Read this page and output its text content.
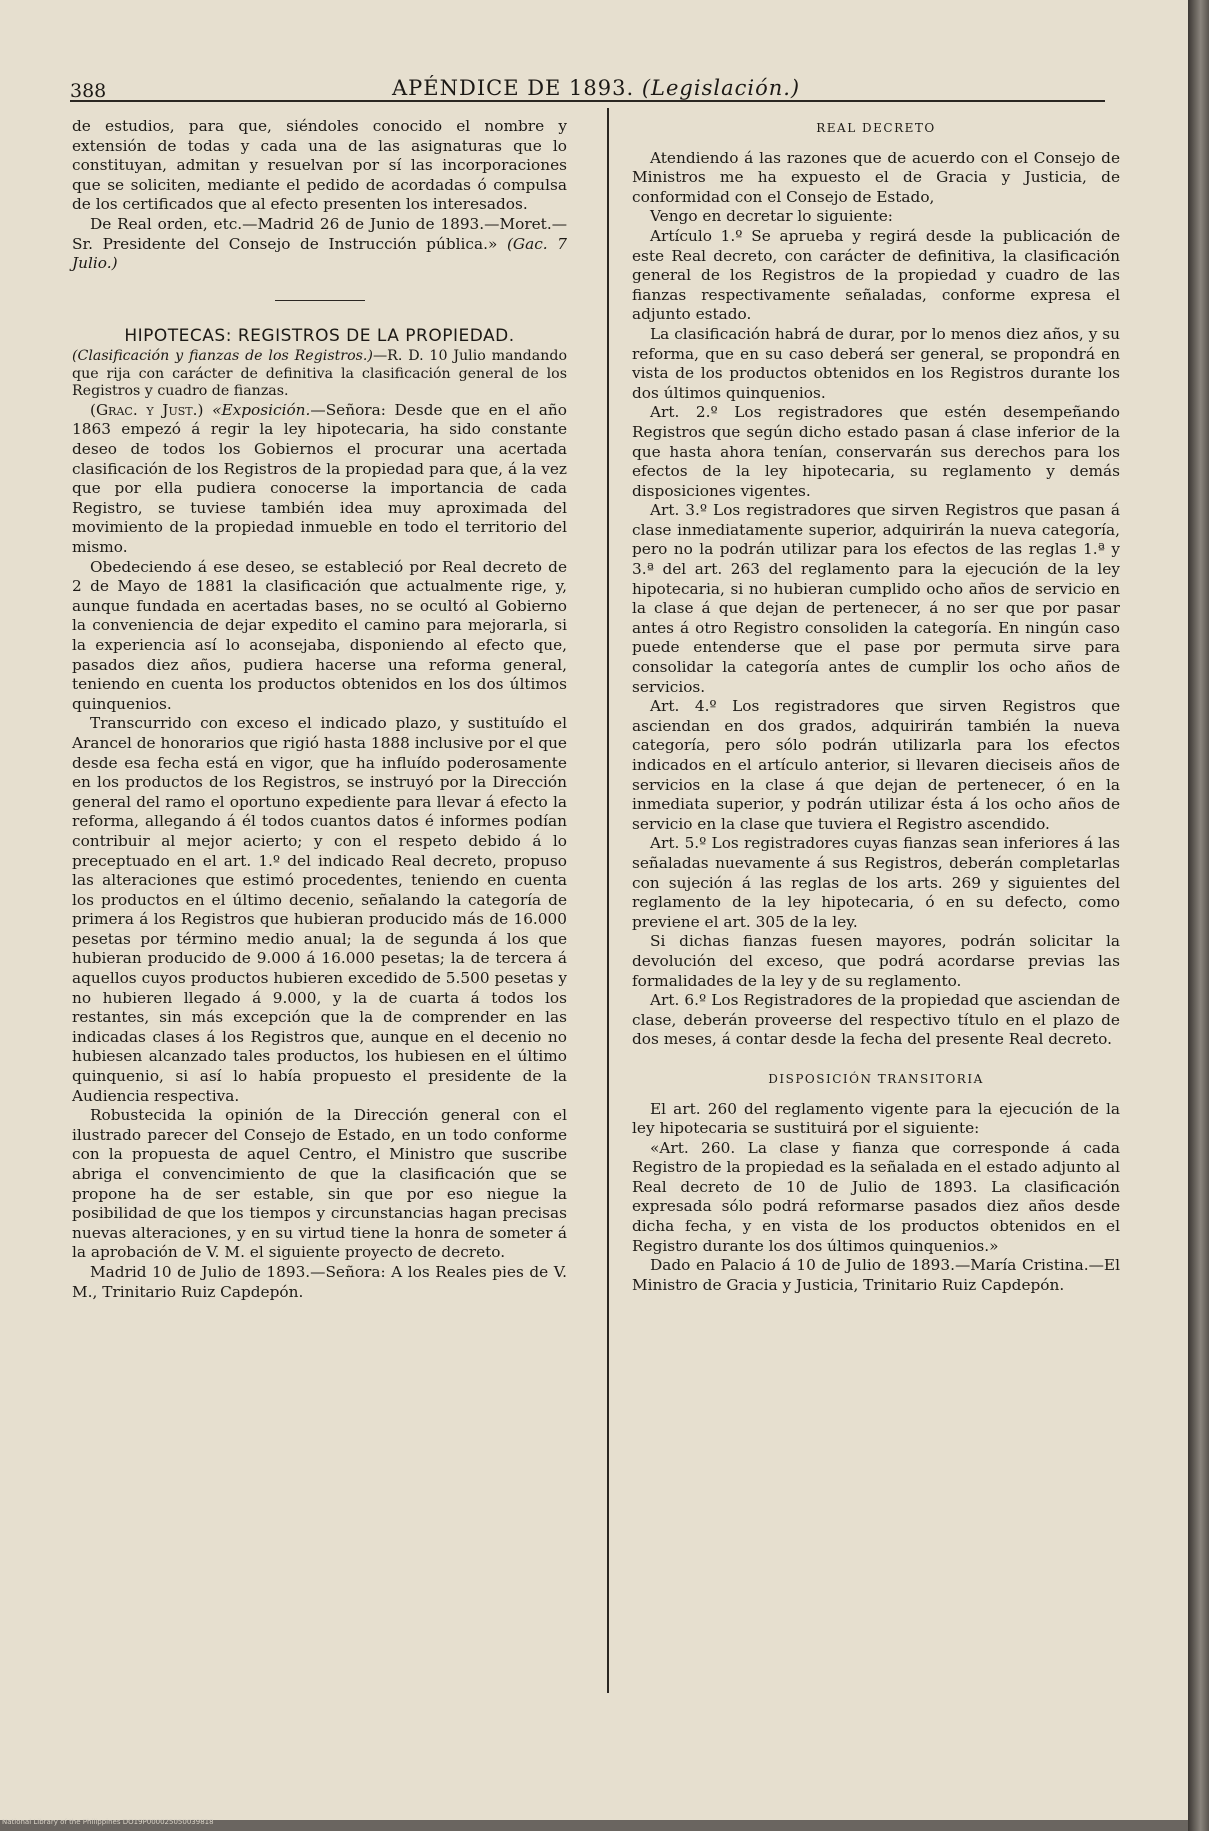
388	APÉNDICE DE 1893. (Legislación.)

de estudios, para que, siéndoles conocido el nombre y extensión de todas y cada una de las asignaturas que lo constituyan, admitan y resuelvan por sí las incorporaciones que se soliciten, mediante el pedido de acordadas ó compulsa de los certificados que al efecto presenten los interesados.

De Real orden, etc.—Madrid 26 de Junio de 1893.—Moret.—Sr. Presidente del Consejo de Instrucción pública.» (Gac. 7 Julio.)

HIPOTECAS: REGISTROS DE LA PROPIEDAD.

(Clasificación y fianzas de los Registros.)—R. D. 10 Julio mandando que rija con carácter de definitiva la clasificación general de los Registros y cuadro de fianzas.

(Grac. y Just.) «Exposición.—Señora: Desde que en el año 1863 empezó á regir la ley hipotecaria, ha sido constante deseo de todos los Gobiernos el procurar una acertada clasificación de los Registros de la propiedad para que, á la vez que por ella pudiera conocerse la importancia de cada Registro, se tuviese también idea muy aproximada del movimiento de la propiedad inmueble en todo el territorio del mismo.

Obedeciendo á ese deseo, se estableció por Real decreto de 2 de Mayo de 1881 la clasificación que actualmente rige, y, aunque fundada en acertadas bases, no se ocultó al Gobierno la conveniencia de dejar expedito el camino para mejorarla, si la experiencia así lo aconsejaba, disponiendo al efecto que, pasados diez años, pudiera hacerse una reforma general, teniendo en cuenta los productos obtenidos en los dos últimos quinquenios.

Transcurrido con exceso el indicado plazo, y sustituído el Arancel de honorarios que rigió hasta 1888 inclusive por el que desde esa fecha está en vigor, que ha influído poderosamente en los productos de los Registros, se instruyó por la Dirección general del ramo el oportuno expediente para llevar á efecto la reforma, allegando á él todos cuantos datos é informes podían contribuir al mejor acierto; y con el respeto debido á lo preceptuado en el art. 1.º del indicado Real decreto, propuso las alteraciones que estimó procedentes, teniendo en cuenta los productos en el último decenio, señalando la categoría de primera á los Registros que hubieran producido más de 16.000 pesetas por término medio anual; la de segunda á los que hubieran producido de 9.000 á 16.000 pesetas; la de tercera á aquellos cuyos productos hubieren excedido de 5.500 pesetas y no hubieren llegado á 9.000, y la de cuarta á todos los restantes, sin más excepción que la de comprender en las indicadas clases á los Registros que, aunque en el decenio no hubiesen alcanzado tales productos, los hubiesen en el último quinquenio, si así lo había propuesto el presidente de la Audiencia respectiva.

Robustecida la opinión de la Dirección general con el ilustrado parecer del Consejo de Estado, en un todo conforme con la propuesta de aquel Centro, el Ministro que suscribe abriga el convencimiento de que la clasificación que se propone ha de ser estable, sin que por eso niegue la posibilidad de que los tiempos y circunstancias hagan precisas nuevas alteraciones, y en su virtud tiene la honra de someter á la aprobación de V. M. el siguiente proyecto de decreto.

Madrid 10 de Julio de 1893.—Señora: A los Reales pies de V. M., Trinitario Ruiz Capdepón.

REAL DECRETO

Atendiendo á las razones que de acuerdo con el Consejo de Ministros me ha expuesto el de Gracia y Justicia, de conformidad con el Consejo de Estado,

Vengo en decretar lo siguiente:

Artículo 1.º Se aprueba y regirá desde la publicación de este Real decreto, con carácter de definitiva, la clasificación general de los Registros de la propiedad y cuadro de las fianzas respectivamente señaladas, conforme expresa el adjunto estado.

La clasificación habrá de durar, por lo menos diez años, y su reforma, que en su caso deberá ser general, se propondrá en vista de los productos obtenidos en los Registros durante los dos últimos quinquenios.

Art. 2.º Los registradores que estén desempeñando Registros que según dicho estado pasan á clase inferior de la que hasta ahora tenían, conservarán sus derechos para los efectos de la ley hipotecaria, su reglamento y demás disposiciones vigentes.

Art. 3.º Los registradores que sirven Registros que pasan á clase inmediatamente superior, adquirirán la nueva categoría, pero no la podrán utilizar para los efectos de las reglas 1.ª y 3.ª del art. 263 del reglamento para la ejecución de la ley hipotecaria, si no hubieran cumplido ocho años de servicio en la clase á que dejan de pertenecer, á no ser que por pasar antes á otro Registro consoliden la categoría. En ningún caso puede entenderse que el pase por permuta sirve para consolidar la categoría antes de cumplir los ocho años de servicios.

Art. 4.º Los registradores que sirven Registros que asciendan en dos grados, adquirirán también la nueva categoría, pero sólo podrán utilizarla para los efectos indicados en el artículo anterior, si llevaren dieciseis años de servicios en la clase á que dejan de pertenecer, ó en la inmediata superior, y podrán utilizar ésta á los ocho años de servicio en la clase que tuviera el Registro ascendido.

Art. 5.º Los registradores cuyas fianzas sean inferiores á las señaladas nuevamente á sus Registros, deberán completarlas con sujeción á las reglas de los arts. 269 y siguientes del reglamento de la ley hipotecaria, ó en su defecto, como previene el art. 305 de la ley.

Si dichas fianzas fuesen mayores, podrán solicitar la devolución del exceso, que podrá acordarse previas las formalidades de la ley y de su reglamento.

Art. 6.º Los Registradores de la propiedad que asciendan de clase, deberán proveerse del respectivo título en el plazo de dos meses, á contar desde la fecha del presente Real decreto.

DISPOSICIÓN TRANSITORIA

El art. 260 del reglamento vigente para la ejecución de la ley hipotecaria se sustituirá por el siguiente:

«Art. 260. La clase y fianza que corresponde á cada Registro de la propiedad es la señalada en el estado adjunto al Real decreto de 10 de Julio de 1893. La clasificación expresada sólo podrá reformarse pasados diez años desde dicha fecha, y en vista de los productos obtenidos en el Registro durante los dos últimos quinquenios.»

Dado en Palacio á 10 de Julio de 1893.—María Cristina.—El Ministro de Gracia y Justicia, Trinitario Ruiz Capdepón.

National Library of the Philippines DO19P000025050039818
